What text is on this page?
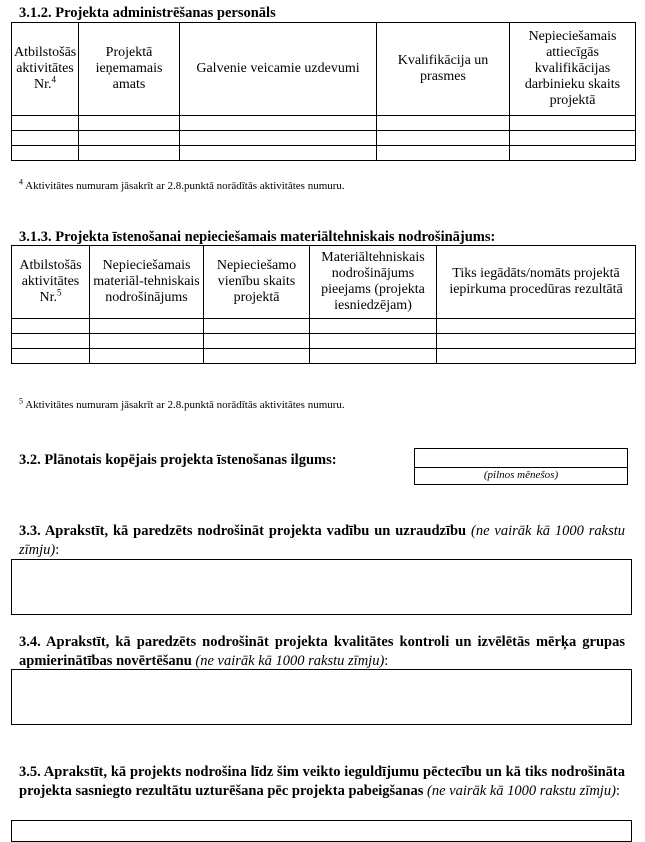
3.1.2. Projekta administrēšanas personāls
Atbilstošās aktivitātes Nr.$^4$	Projektā ieņemamais amats	Galvenie veicamie uzdevumi	Kvalifikācija un prasmes	Nepieciešamais attiecīgās kvalifikācijas darbinieku skaits projektā

$^4$ Aktivitātes numuram jāsakrīt ar 2.8.punktā norādītās aktivitātes numuru.
3.1.3. Projekta īstenošanai nepieciešamais materiāltehniskais nodrošinājums:
Atbilstošās aktivitātes Nr.$^5$	Nepieciešamais materiāl-tehniskais nodrošinājums	Nepieciešamo vienību skaits projektā	Materiāltehniskais nodrošinājums pieejams (projekta iesniedzējam)	Tiks iegādāts/nomāts projektā iepirkuma procedūras rezultātā

$^5$ Aktivitātes numuram jāsakrīt ar 2.8.punktā norādītās aktivitātes numuru.
3.2. Plānotais kopējais projekta īstenošanas ilgums:
(pilnos mēnešos)
3.3. Aprakstīt, kā paredzēts nodrošināt projekta vadību un uzraudzību (ne vairāk kā 1000 rakstu zīmju):
3.4. Aprakstīt, kā paredzēts nodrošināt projekta kvalitātes kontroli un izvēlētās mērķa grupas apmierinātības novērtēšanu (ne vairāk kā 1000 rakstu zīmju):
3.5. Aprakstīt, kā projekts nodrošina līdz šim veikto ieguldījumu pēctecību un kā tiks nodrošināta projekta sasniegto rezultātu uzturēšana pēc projekta pabeigšanas (ne vairāk kā 1000 rakstu zīmju):
